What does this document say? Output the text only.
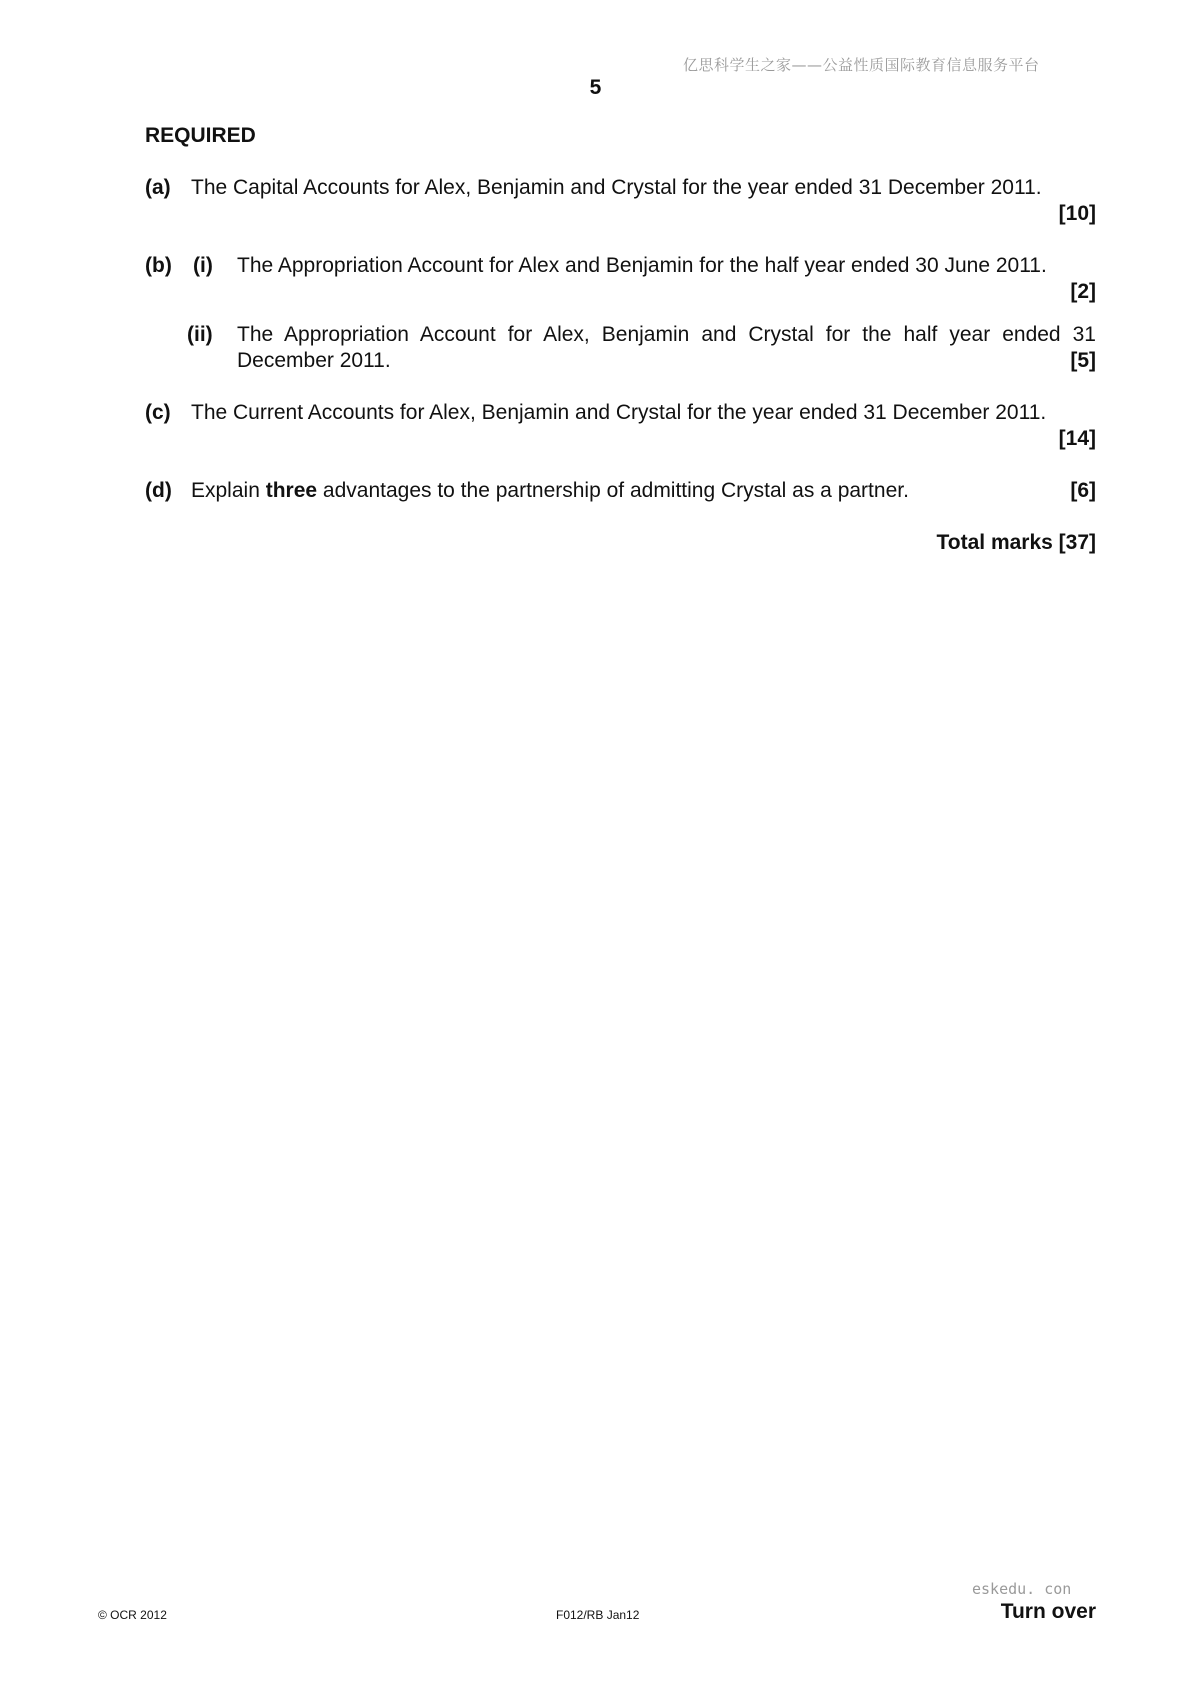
亿思科学生之家——公益性质国际教育信息服务平台
5
REQUIRED
(a) The Capital Accounts for Alex, Benjamin and Crystal for the year ended 31 December 2011.
[10]
(b) (i) The Appropriation Account for Alex and Benjamin for the half year ended 30 June 2011.
[2]
(ii) The Appropriation Account for Alex, Benjamin and Crystal for the half year ended 31 December 2011.	[5]
(c) The Current Accounts for Alex, Benjamin and Crystal for the year ended 31 December 2011.
[14]
(d) Explain three advantages to the partnership of admitting Crystal as a partner.	[6]
Total marks [37]
eskedu. con
© OCR 2012	F012/RB Jan12	Turn over
